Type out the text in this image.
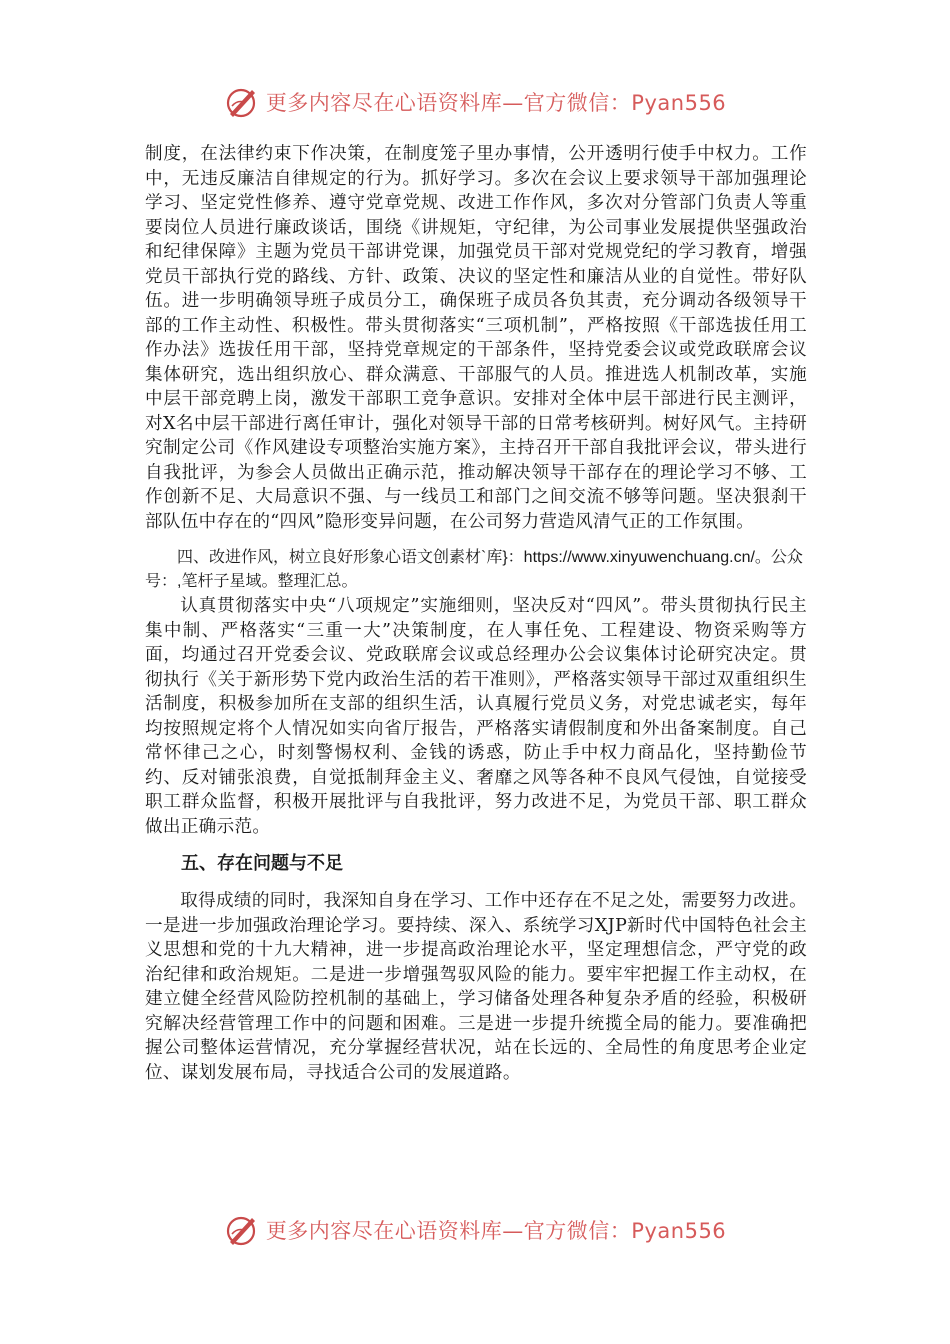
更多内容尽在心语资料库—官方微信：Pyan556

制度，在法律约束下作决策，在制度笼子里办事情，公开透明行使手中权力。工作中，无违反廉洁自律规定的行为。抓好学习。多次在会议上要求领导干部加强理论学习、坚定党性修养、遵守党章党规、改进工作作风，多次对分管部门负责人等重要岗位人员进行廉政谈话，围绕《讲规矩，守纪律，为公司事业发展提供坚强政治和纪律保障》主题为党员干部讲党课，加强党员干部对党规党纪的学习教育，增强党员干部执行党的路线、方针、政策、决议的坚定性和廉洁从业的自觉性。带好队伍。进一步明确领导班子成员分工，确保班子成员各负其责，充分调动各级领导干部的工作主动性、积极性。带头贯彻落实“三项机制”，严格按照《干部选拔任用工作办法》选拔任用干部，坚持党章规定的干部条件，坚持党委会议或党政联席会议集体研究，选出组织放心、群众满意、干部服气的人员。推进选人机制改革，实施中层干部竞聘上岗，激发干部职工竞争意识。安排对全体中层干部进行民主测评，对X名中层干部进行离任审计，强化对领导干部的日常考核研判。树好风气。主持研究制定公司《作风建设专项整治实施方案》，主持召开干部自我批评会议，带头进行自我批评，为参会人员做出正确示范，推动解决领导干部存在的理论学习不够、工作创新不足、大局意识不强、与一线员工和部门之间交流不够等问题。坚决狠刹干部队伍中存在的“四风”隐形变异问题，在公司努力营造风清气正的工作氛围。

四、改进作风，树立良好形象心语文创素材`库}：https://www.xinyuwenchuang.cn/。公众号：,笔杆子星域。整理汇总。

认真贯彻落实中央“八项规定”实施细则，坚决反对“四风”。带头贯彻执行民主集中制、严格落实“三重一大”决策制度，在人事任免、工程建设、物资采购等方面，均通过召开党委会议、党政联席会议或总经理办公会议集体讨论研究决定。贯彻执行《关于新形势下党内政治生活的若干准则》，严格落实领导干部过双重组织生活制度，积极参加所在支部的组织生活，认真履行党员义务，对党忠诚老实，每年均按照规定将个人情况如实向省厅报告，严格落实请假制度和外出备案制度。自己常怀律己之心，时刻警惕权利、金钱的诱惑，防止手中权力商品化，坚持勤俭节约、反对铺张浪费，自觉抵制拜金主义、奢靡之风等各种不良风气侵蚀，自觉接受职工群众监督，积极开展批评与自我批评，努力改进不足，为党员干部、职工群众做出正确示范。

五、存在问题与不足

取得成绩的同时，我深知自身在学习、工作中还存在不足之处，需要努力改进。一是进一步加强政治理论学习。要持续、深入、系统学习XJP新时代中国特色社会主义思想和党的十九大精神，进一步提高政治理论水平，坚定理想信念，严守党的政治纪律和政治规矩。二是进一步增强驾驭风险的能力。要牢牢把握工作主动权，在建立健全经营风险防控机制的基础上，学习储备处理各种复杂矛盾的经验，积极研究解决经营管理工作中的问题和困难。三是进一步提升统揽全局的能力。要准确把握公司整体运营情况，充分掌握经营状况，站在长远的、全局性的角度思考企业定位、谋划发展布局，寻找适合公司的发展道路。

更多内容尽在心语资料库—官方微信：Pyan556
